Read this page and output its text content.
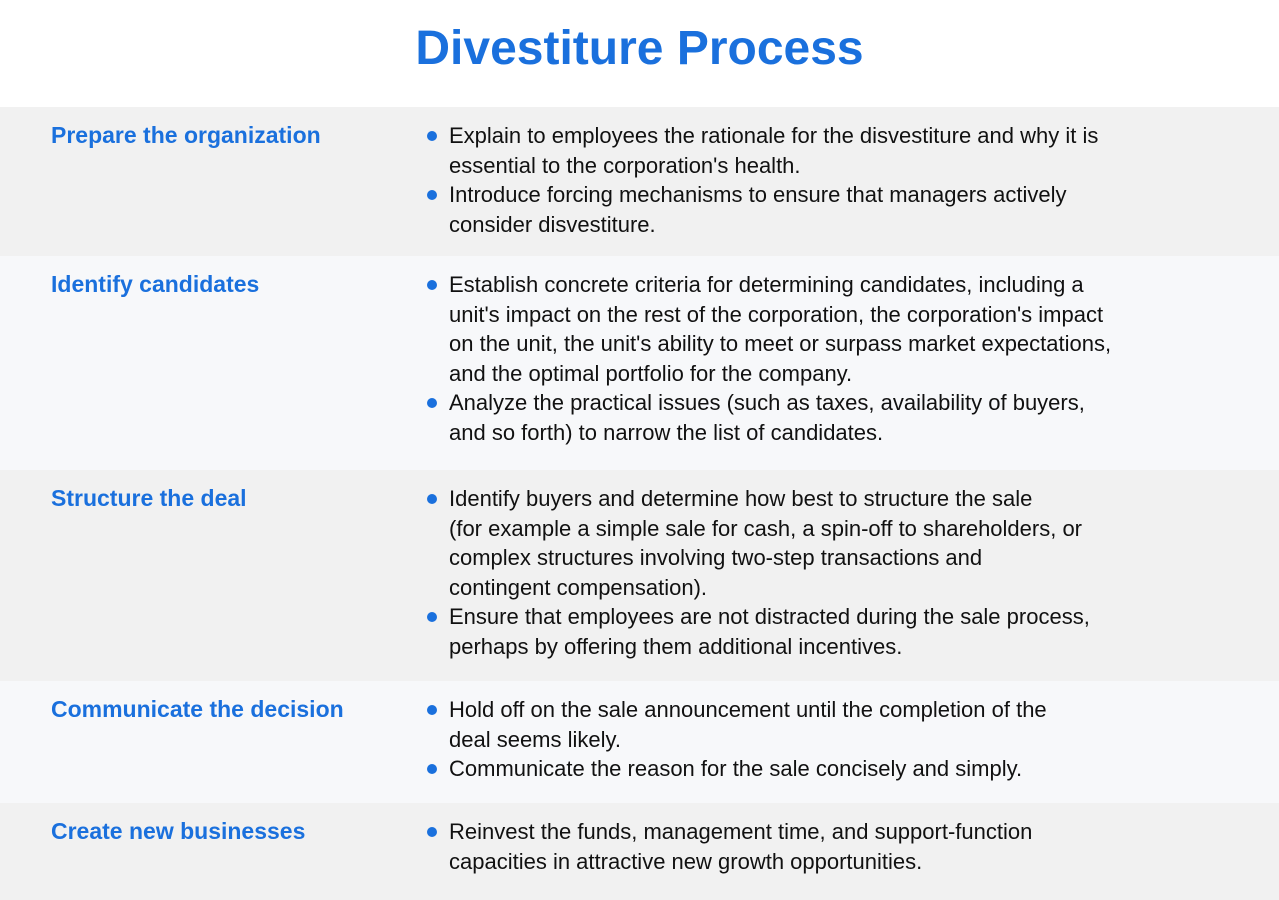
Divestiture Process
Prepare the organization	Explain to employees the rationale for the disvestiture and why it is
essential to the corporation's health.
Introduce forcing mechanisms to ensure that managers actively
consider disvestiture.
Identify candidates	Establish concrete criteria for determining candidates, including a
unit's impact on the rest of the corporation, the corporation's impact
on the unit, the unit's ability to meet or surpass market expectations,
and the optimal portfolio for the company.
Analyze the practical issues (such as taxes, availability of buyers,
and so forth) to narrow the list of candidates.
Structure the deal	Identify buyers and determine how best to structure the sale
(for example a simple sale for cash, a spin-off to shareholders, or
complex structures involving two-step transactions and
contingent compensation).
Ensure that employees are not distracted during the sale process,
perhaps by offering them additional incentives.
Communicate the decision	Hold off on the sale announcement until the completion of the
deal seems likely.
Communicate the reason for the sale concisely and simply.
Create new businesses	Reinvest the funds, management time, and support-function
capacities in attractive new growth opportunities.
